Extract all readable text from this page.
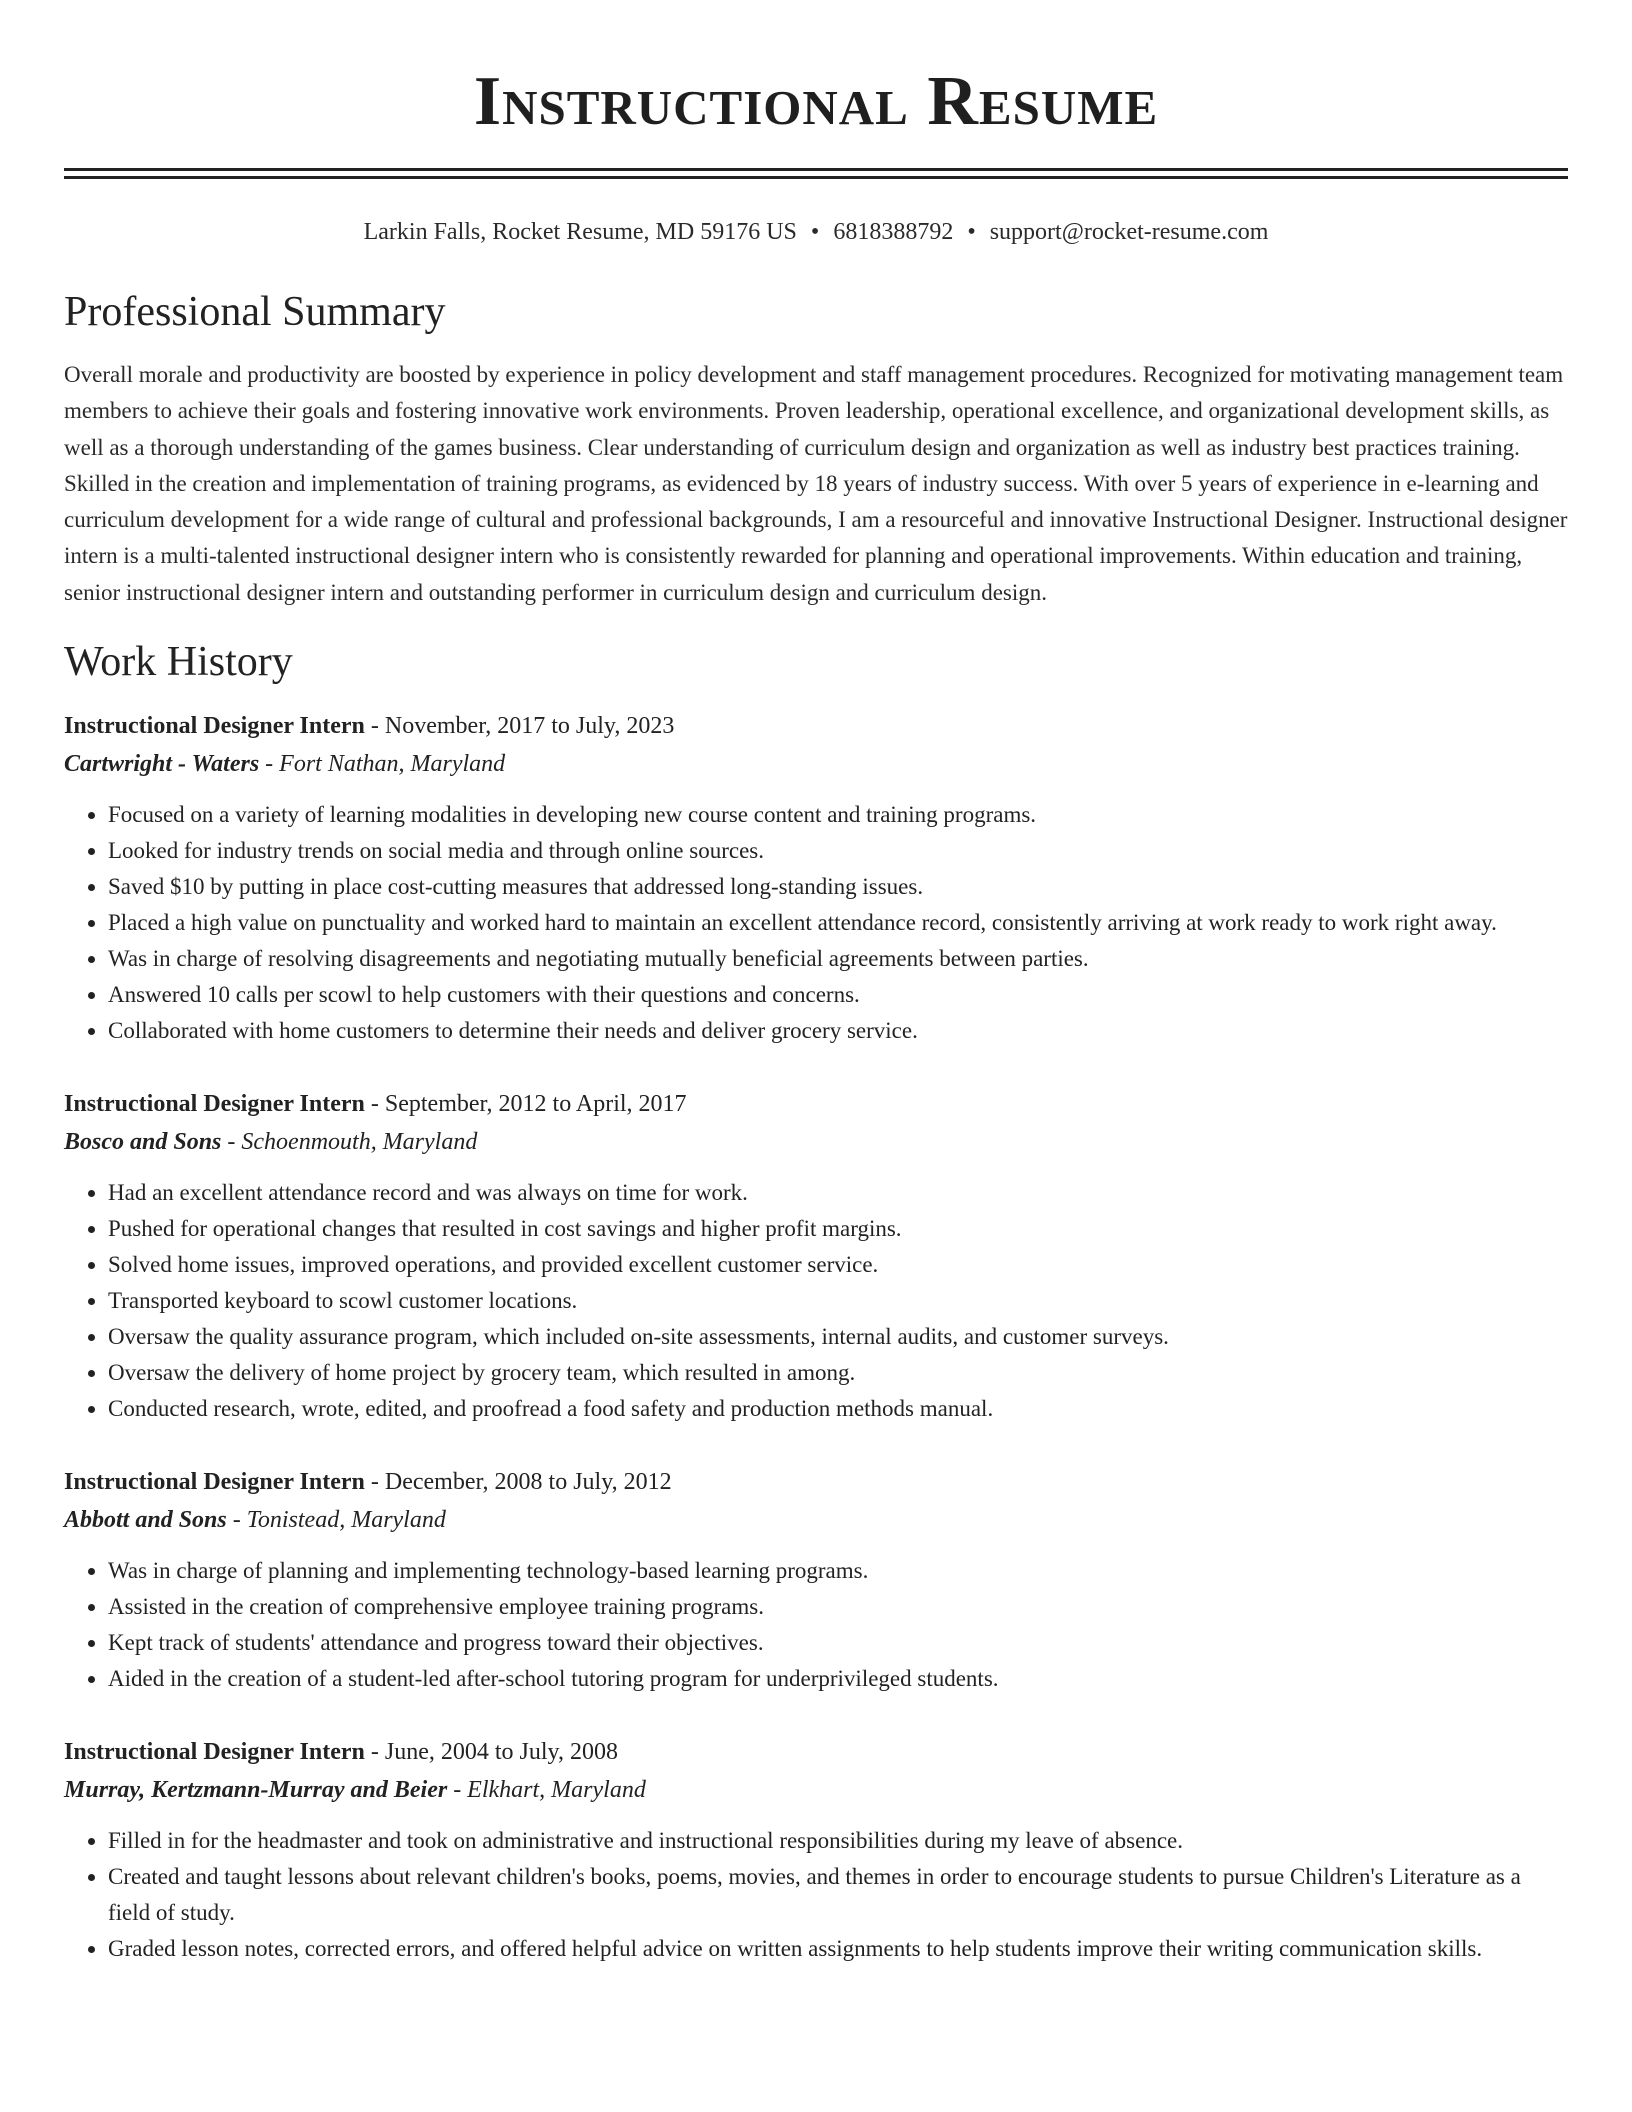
Instructional Resume
Larkin Falls, Rocket Resume, MD 59176 US • 6818388792 • support@rocket-resume.com
Professional Summary
Overall morale and productivity are boosted by experience in policy development and staff management procedures. Recognized for motivating management team members to achieve their goals and fostering innovative work environments. Proven leadership, operational excellence, and organizational development skills, as well as a thorough understanding of the games business. Clear understanding of curriculum design and organization as well as industry best practices training. Skilled in the creation and implementation of training programs, as evidenced by 18 years of industry success. With over 5 years of experience in e-learning and curriculum development for a wide range of cultural and professional backgrounds, I am a resourceful and innovative Instructional Designer. Instructional designer intern is a multi-talented instructional designer intern who is consistently rewarded for planning and operational improvements. Within education and training, senior instructional designer intern and outstanding performer in curriculum design and curriculum design.
Work History
Instructional Designer Intern - November, 2017 to July, 2023
Cartwright - Waters - Fort Nathan, Maryland
• Focused on a variety of learning modalities in developing new course content and training programs.
• Looked for industry trends on social media and through online sources.
• Saved $10 by putting in place cost-cutting measures that addressed long-standing issues.
• Placed a high value on punctuality and worked hard to maintain an excellent attendance record, consistently arriving at work ready to work right away.
• Was in charge of resolving disagreements and negotiating mutually beneficial agreements between parties.
• Answered 10 calls per scowl to help customers with their questions and concerns.
• Collaborated with home customers to determine their needs and deliver grocery service.
Instructional Designer Intern - September, 2012 to April, 2017
Bosco and Sons - Schoenmouth, Maryland
• Had an excellent attendance record and was always on time for work.
• Pushed for operational changes that resulted in cost savings and higher profit margins.
• Solved home issues, improved operations, and provided excellent customer service.
• Transported keyboard to scowl customer locations.
• Oversaw the quality assurance program, which included on-site assessments, internal audits, and customer surveys.
• Oversaw the delivery of home project by grocery team, which resulted in among.
• Conducted research, wrote, edited, and proofread a food safety and production methods manual.
Instructional Designer Intern - December, 2008 to July, 2012
Abbott and Sons - Tonistead, Maryland
• Was in charge of planning and implementing technology-based learning programs.
• Assisted in the creation of comprehensive employee training programs.
• Kept track of students' attendance and progress toward their objectives.
• Aided in the creation of a student-led after-school tutoring program for underprivileged students.
Instructional Designer Intern - June, 2004 to July, 2008
Murray, Kertzmann-Murray and Beier - Elkhart, Maryland
• Filled in for the headmaster and took on administrative and instructional responsibilities during my leave of absence.
• Created and taught lessons about relevant children's books, poems, movies, and themes in order to encourage students to pursue Children's Literature as a field of study.
• Graded lesson notes, corrected errors, and offered helpful advice on written assignments to help students improve their writing communication skills.
